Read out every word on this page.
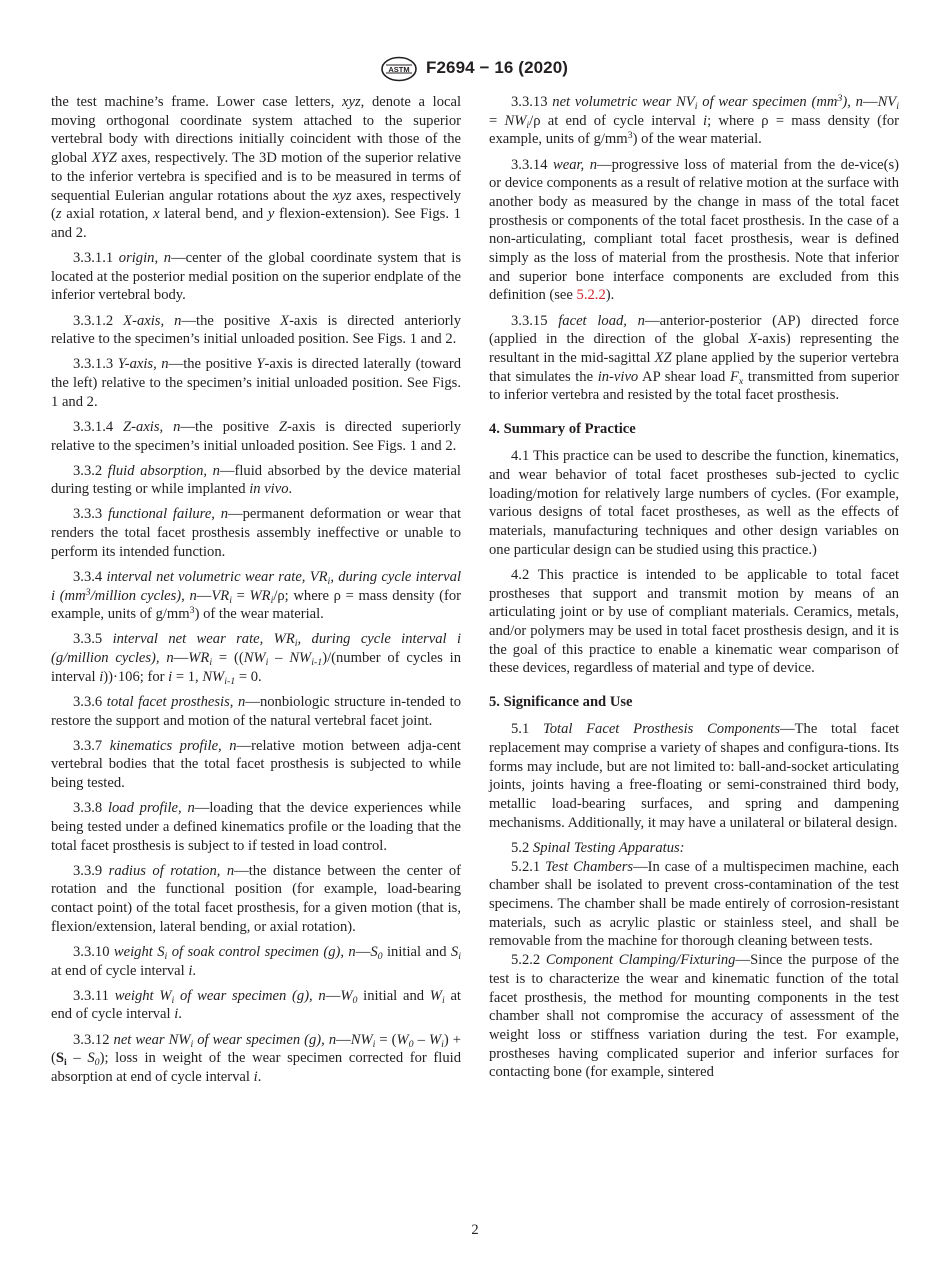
ASTM F2694 − 16 (2020)
the test machine’s frame. Lower case letters, xyz, denote a local moving orthogonal coordinate system attached to the superior vertebral body with directions initially coincident with those of the global XYZ axes, respectively. The 3D motion of the superior relative to the inferior vertebra is specified and is to be measured in terms of sequential Eulerian angular rotations about the xyz axes, respectively (z axial rotation, x lateral bend, and y flexion-extension). See Figs. 1 and 2.
3.3.1.1 origin, n—center of the global coordinate system that is located at the posterior medial position on the superior endplate of the inferior vertebral body.
3.3.1.2 X-axis, n—the positive X-axis is directed anteriorly relative to the specimen’s initial unloaded position. See Figs. 1 and 2.
3.3.1.3 Y-axis, n—the positive Y-axis is directed laterally (toward the left) relative to the specimen’s initial unloaded position. See Figs. 1 and 2.
3.3.1.4 Z-axis, n—the positive Z-axis is directed superiorly relative to the specimen’s initial unloaded position. See Figs. 1 and 2.
3.3.2 fluid absorption, n—fluid absorbed by the device material during testing or while implanted in vivo.
3.3.3 functional failure, n—permanent deformation or wear that renders the total facet prosthesis assembly ineffective or unable to perform its intended function.
3.3.4 interval net volumetric wear rate, $VR_i$, during cycle interval i ($mm^3$/million cycles), $n—VR_i = WR_i/\rho$; where ρ = mass density (for example, units of $g/mm^3$) of the wear material.
3.3.5 interval net wear rate, $WR_i$, during cycle interval i (g/million cycles), $n—WR_i = ((NW_i$ – $NW_{i-1})/(number$ of cycles in interval i))·106; for i = 1, $NW_{i-1} = 0$.
3.3.6 total facet prosthesis, n—nonbiologic structure in-tended to restore the support and motion of the natural vertebral facet joint.
3.3.7 kinematics profile, n—relative motion between adja-cent vertebral bodies that the total facet prosthesis is subjected to while being tested.
3.3.8 load profile, n—loading that the device experiences while being tested under a defined kinematics profile or the loading that the total facet prosthesis is subject to if tested in load control.
3.3.9 radius of rotation, n—the distance between the center of rotation and the functional position (for example, load-bearing contact point) of the total facet prosthesis, for a given motion (that is, flexion/extension, lateral bending, or axial rotation).
3.3.10 weight $S_i$ of soak control specimen (g), $n—S_0$ initial and $S_i$ at end of cycle interval i.
3.3.11 weight $W_i$ of wear specimen (g), $n—W_0$ initial and $W_i$ at end of cycle interval i.
3.3.12 net wear $NW_i$ of wear specimen (g), $n—NW_i = (W_0 - W_i) + (S_i - S_0)$; loss in weight of the wear specimen corrected for fluid absorption at end of cycle interval i.
3.3.13 net volumetric wear $NV_i$ of wear specimen $(mm^3)$, $n—NV_i = NW_i/\rho$ at end of cycle interval i; where ρ = mass density (for example, units of $g/mm^3$) of the wear material.
3.3.14 wear, n—progressive loss of material from the de-vice(s) or device components as a result of relative motion at the surface with another body as measured by the change in mass of the total facet prosthesis or components of the total facet prosthesis. In the case of a non-articulating, compliant total facet prosthesis, wear is defined simply as the loss of material from the prosthesis. Note that inferior and superior bone interface components are excluded from this definition (see 5.2.2).
3.3.15 facet load, n—anterior-posterior (AP) directed force (applied in the direction of the global X-axis) representing the resultant in the mid-sagittal XZ plane applied by the superior vertebra that simulates the in-vivo AP shear load $F_x$ transmitted from superior to inferior vertebra and resisted by the total facet prosthesis.
4. Summary of Practice
4.1 This practice can be used to describe the function, kinematics, and wear behavior of total facet prostheses sub-jected to cyclic loading/motion for relatively large numbers of cycles. (For example, various designs of total facet prostheses, as well as the effects of materials, manufacturing techniques and other design variables on one particular design can be studied using this practice.)
4.2 This practice is intended to be applicable to total facet prostheses that support and transmit motion by means of an articulating joint or by use of compliant materials. Ceramics, metals, and/or polymers may be used in total facet prosthesis design, and it is the goal of this practice to enable a kinematic wear comparison of these devices, regardless of material and type of device.
5. Significance and Use
5.1 Total Facet Prosthesis Components—The total facet replacement may comprise a variety of shapes and configura-tions. Its forms may include, but are not limited to: ball-and-socket articulating joints, joints having a free-floating or semi-constrained third body, metallic load-bearing surfaces, and spring and dampening mechanisms. Additionally, it may have a unilateral or bilateral design.
5.2 Spinal Testing Apparatus:
5.2.1 Test Chambers—In case of a multispecimen machine, each chamber shall be isolated to prevent cross-contamination of the test specimens. The chamber shall be made entirely of corrosion-resistant materials, such as acrylic plastic or stainless steel, and shall be removable from the machine for thorough cleaning between tests.
5.2.2 Component Clamping/Fixturing—Since the purpose of the test is to characterize the wear and kinematic function of the total facet prosthesis, the method for mounting components in the test chamber shall not compromise the accuracy of assessment of the weight loss or stiffness variation during the test. For example, prostheses having complicated superior and inferior surfaces for contacting bone (for example, sintered
2
